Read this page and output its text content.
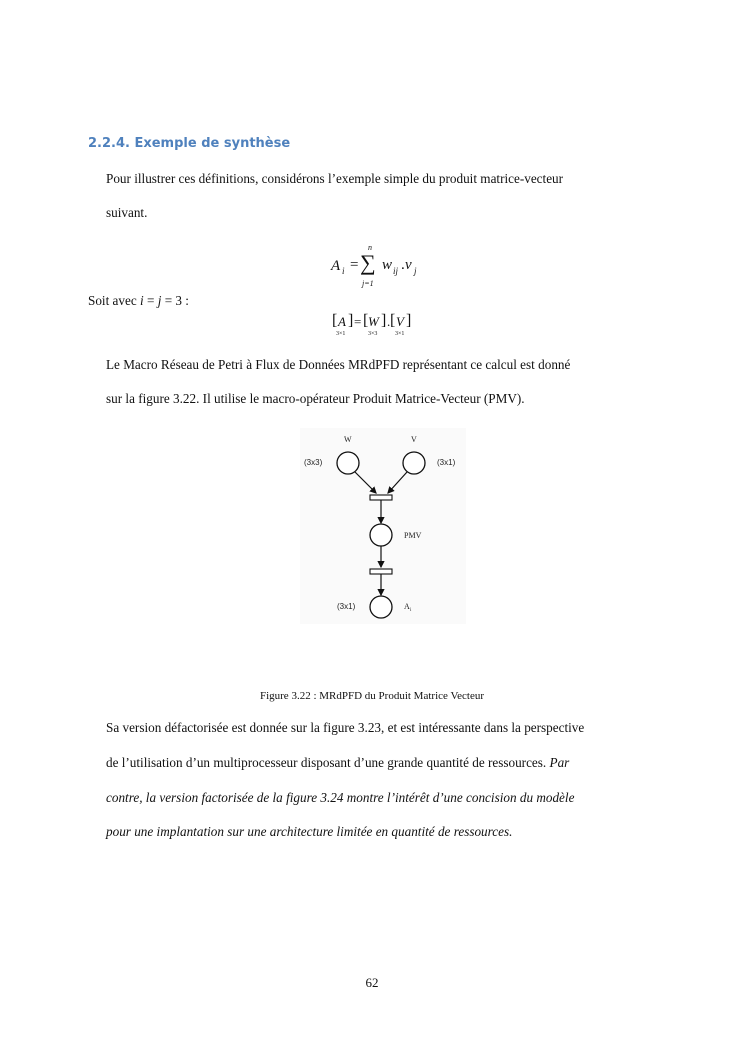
2.2.4. Exemple de synthèse
Pour illustrer ces définitions, considérons l’exemple simple du produit matrice-vecteur
suivant.
A i =
n
∑
j=1
w ij . v j
Soit avec i = j = 3 :
[ A ] = [ W ] . [ V ]
3×1	3×3	3×1
Le Macro Réseau de Petri à Flux de Données MRdPFD représentant ce calcul est donné
sur la figure 3.22. Il utilise le macro-opérateur Produit Matrice-Vecteur (PMV).
W	V
(3x3)	(3x1)
PMV
(3x1)	A i
Figure 3.22 : MRdPFD du Produit Matrice Vecteur
Sa version défactorisée est donnée sur la figure 3.23, et est intéressante dans la perspective
de l’utilisation d’un multiprocesseur disposant d’une grande quantité de ressources. Par
contre, la version factorisée de la figure 3.24 montre l’intérêt d’une concision du modèle
pour une implantation sur une architecture limitée en quantité de ressources.
62
